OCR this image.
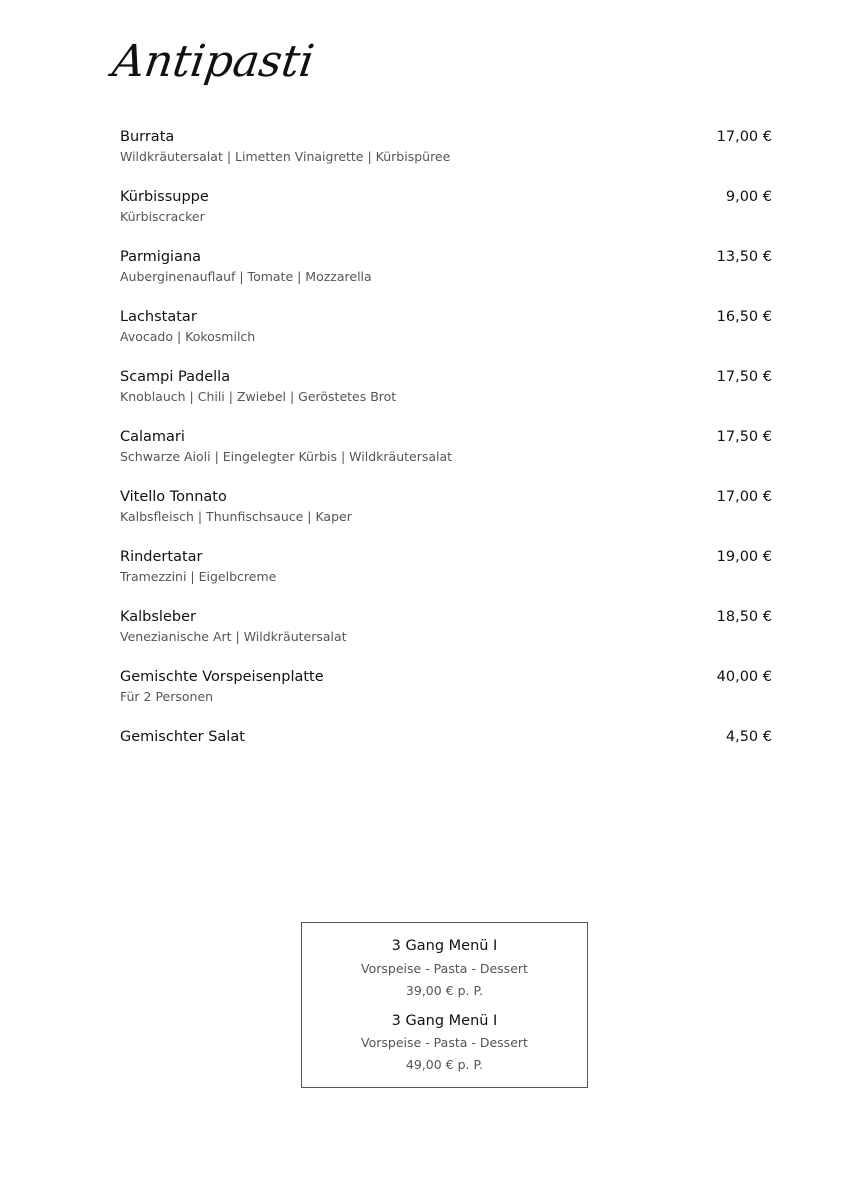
Antipasti
Burrata
Wildkräutersalat | Limetten Vinaigrette | Kürbispüree
17,00 €
Kürbissuppe
Kürbiscracker
9,00 €
Parmigiana
Auberginenauflauf | Tomate | Mozzarella
13,50 €
Lachstatar
Avocado | Kokosmilch
16,50 €
Scampi Padella
Knoblauch | Chili | Zwiebel | Geröstetes Brot
17,50 €
Calamari
Schwarze Aioli | Eingelegter Kürbis | Wildkräutersalat
17,50 €
Vitello Tonnato
Kalbsfleisch | Thunfischsauce | Kaper
17,00 €
Rindertatar
Tramezzini | Eigelbcreme
19,00 €
Kalbsleber
Venezianische Art | Wildkräutersalat
18,50 €
Gemischte Vorspeisenplatte
Für 2 Personen
40,00 €
Gemischter Salat	4,50 €
3 Gang Menü I
Vorspeise - Pasta - Dessert
39,00 € p. P.
3 Gang Menü I
Vorspeise - Pasta - Dessert
49,00 € p. P.
